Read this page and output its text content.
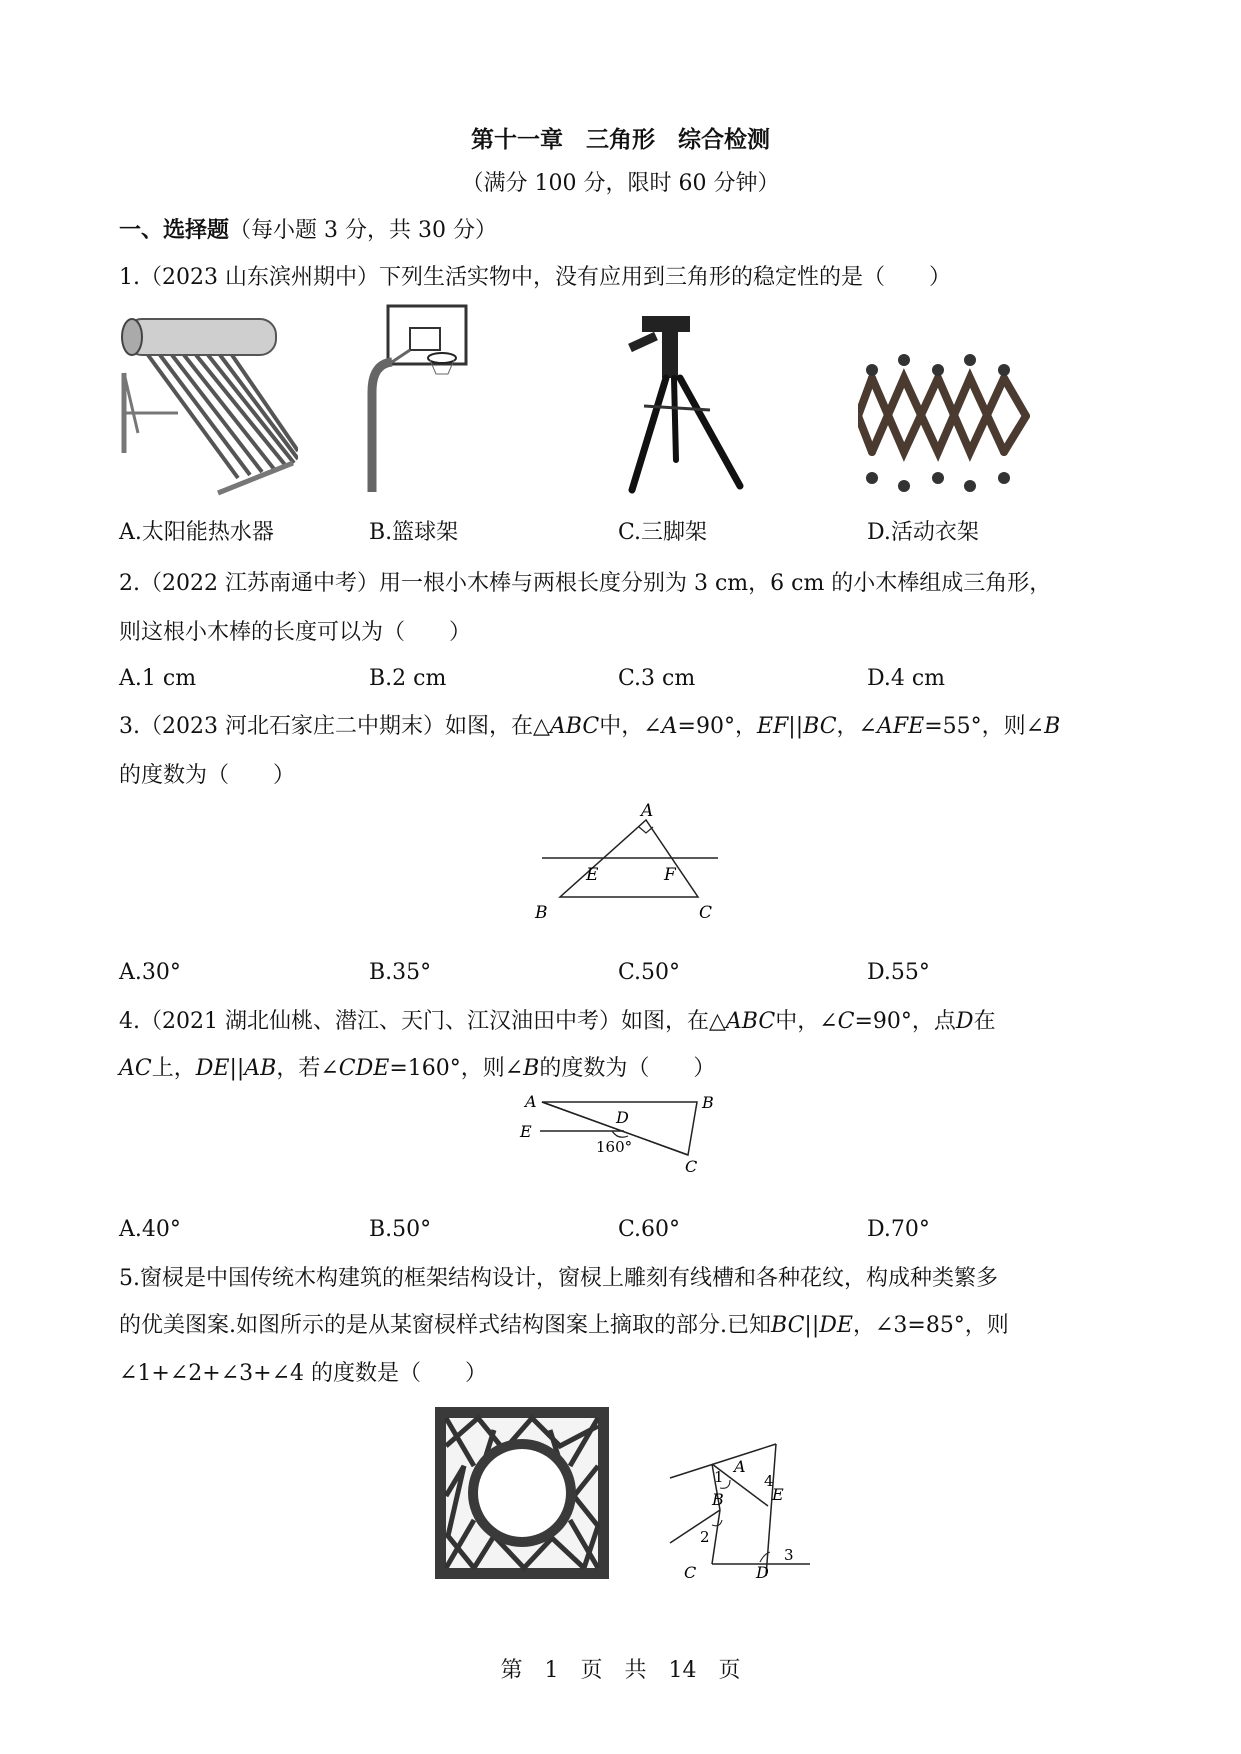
第十一章　三角形　综合检测
（满分 100 分，限时 60 分钟）
一、选择题（每小题 3 分，共 30 分）
1.（2023 山东滨州期中）下列生活实物中，没有应用到三角形的稳定性的是（　　）
A.太阳能热水器	B.篮球架	C.三脚架	D.活动衣架
2.（2022 江苏南通中考）用一根小木棒与两根长度分别为 3 cm，6 cm 的小木棒组成三角形，
则这根小木棒的长度可以为（　　）
A.1 cm	B.2 cm	C.3 cm	D.4 cm
3.（2023 河北石家庄二中期末）如图，在△ABC中，∠A=90°，EF||BC，∠AFE=55°，则∠B
的度数为（　　）
A
E	F
B	C
A.30°	B.35°	C.50°	D.55°
4.（2021 湖北仙桃、潜江、天门、江汉油田中考）如图，在△ABC中，∠C=90°，点D在
AC上，DE||AB，若∠CDE=160°，则∠B的度数为（　　）
A	B
D
E
160°
C
A.40°	B.50°	C.60°	D.70°
5.窗棂是中国传统木构建筑的框架结构设计，窗棂上雕刻有线槽和各种花纹，构成种类繁多
的优美图案.如图所示的是从某窗棂样式结构图案上摘取的部分.已知BC||DE，∠3=85°，则
∠1+∠2+∠3+∠4 的度数是（　　）
A
B	E
C	D
1
2
3
4
第　1　页　共　14　页
